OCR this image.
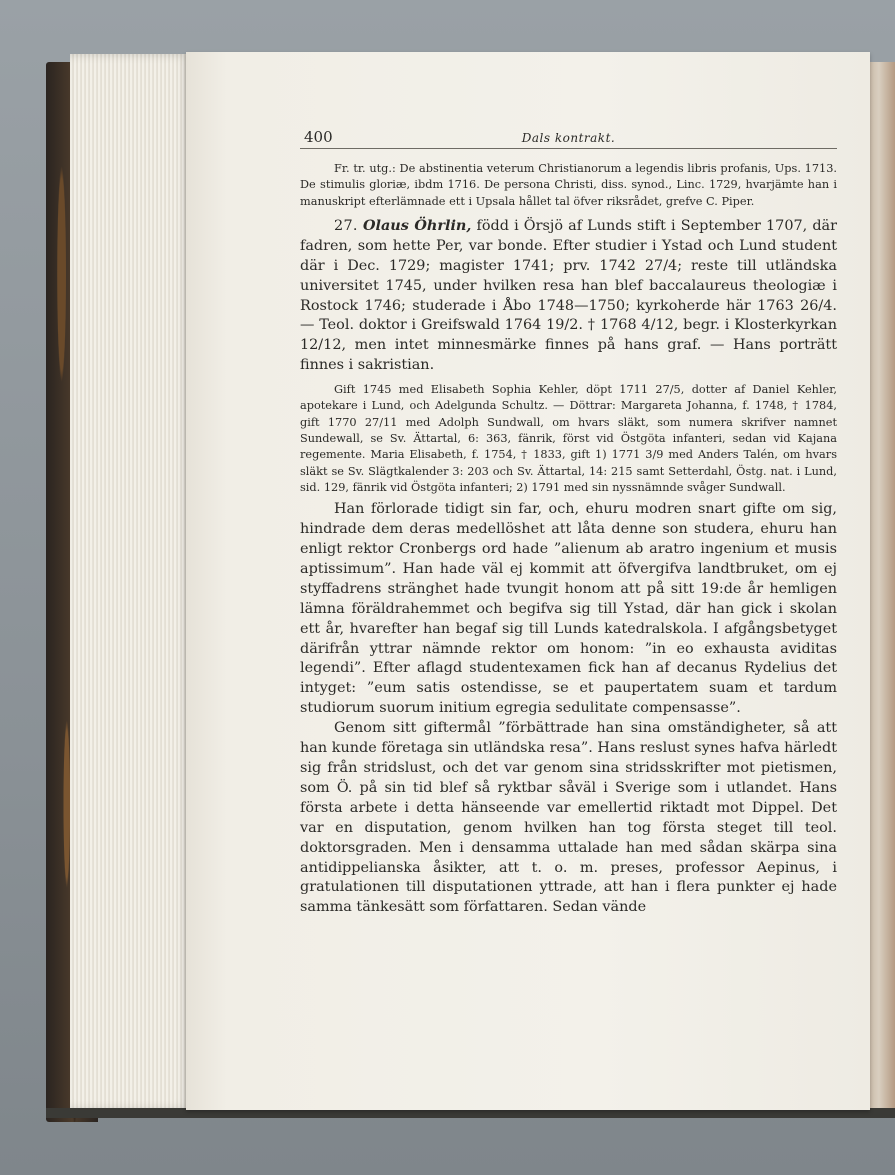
400	Dals kontrakt.

Fr. tr. utg.: De abstinentia veterum Christianorum a legendis libris profanis, Ups. 1713. De stimulis gloriæ, ibdm 1716. De persona Christi, diss. synod., Linc. 1729, hvarjämte han i manuskript efterlämnade ett i Upsala hållet tal öfver riksrådet, grefve C. Piper.

27. Olaus Öhrlin, född i Örsjö af Lunds stift i September 1707, där fadren, som hette Per, var bonde. Efter studier i Ystad och Lund student där i Dec. 1729; magister 1741; prv. 1742 27/4; reste till utländska universitet 1745, under hvilken resa han blef baccalaureus theologiæ i Rostock 1746; studerade i Åbo 1748—1750; kyrkoherde här 1763 26/4. — Teol. doktor i Greifswald 1764 19/2. † 1768 4/12, begr. i Klosterkyrkan 12/12, men intet minnesmärke finnes på hans graf. — Hans porträtt finnes i sakristian.

Gift 1745 med Elisabeth Sophia Kehler, döpt 1711 27/5, dotter af Daniel Kehler, apotekare i Lund, och Adelgunda Schultz. — Döttrar: Margareta Johanna, f. 1748, † 1784, gift 1770 27/11 med Adolph Sundwall, om hvars släkt, som numera skrifver namnet Sundewall, se Sv. Ättartal, 6: 363, fänrik, först vid Östgöta infanteri, sedan vid Kajana regemente. Maria Elisabeth, f. 1754, † 1833, gift 1) 1771 3/9 med Anders Talén, om hvars släkt se Sv. Slägtkalender 3: 203 och Sv. Ättartal, 14: 215 samt Setterdahl, Östg. nat. i Lund, sid. 129, fänrik vid Östgöta infanteri; 2) 1791 med sin nyssnämnde svåger Sundwall.

Han förlorade tidigt sin far, och, ehuru modren snart gifte om sig, hindrade dem deras medellöshet att låta denne son studera, ehuru han enligt rektor Cronbergs ord hade ”alienum ab aratro ingenium et musis aptissimum”. Han hade väl ej kommit att öfvergifva landtbruket, om ej styffadrens stränghet hade tvungit honom att på sitt 19:de år hemligen lämna föräldrahemmet och begifva sig till Ystad, där han gick i skolan ett år, hvarefter han begaf sig till Lunds katedralskola. I afgångsbetyget därifrån yttrar nämnde rektor om honom: ”in eo exhausta aviditas legendi”. Efter aflagd studentexamen fick han af decanus Rydelius det intyget: ”eum satis ostendisse, se et paupertatem suam et tardum studiorum suorum initium egregia sedulitate compensasse”.

Genom sitt giftermål ”förbättrade han sina omständigheter, så att han kunde företaga sin utländska resa”. Hans reslust synes hafva härledt sig från stridslust, och det var genom sina stridsskrifter mot pietismen, som Ö. på sin tid blef så ryktbar såväl i Sverige som i utlandet. Hans första arbete i detta hänseende var emellertid riktadt mot Dippel. Det var en disputation, genom hvilken han tog första steget till teol. doktorsgraden. Men i densamma uttalade han med sådan skärpa sina antidippelianska åsikter, att t. o. m. preses, professor Aepinus, i gratulationen till disputationen yttrade, att han i flera punkter ej hade samma tänkesätt som författaren. Sedan vände
